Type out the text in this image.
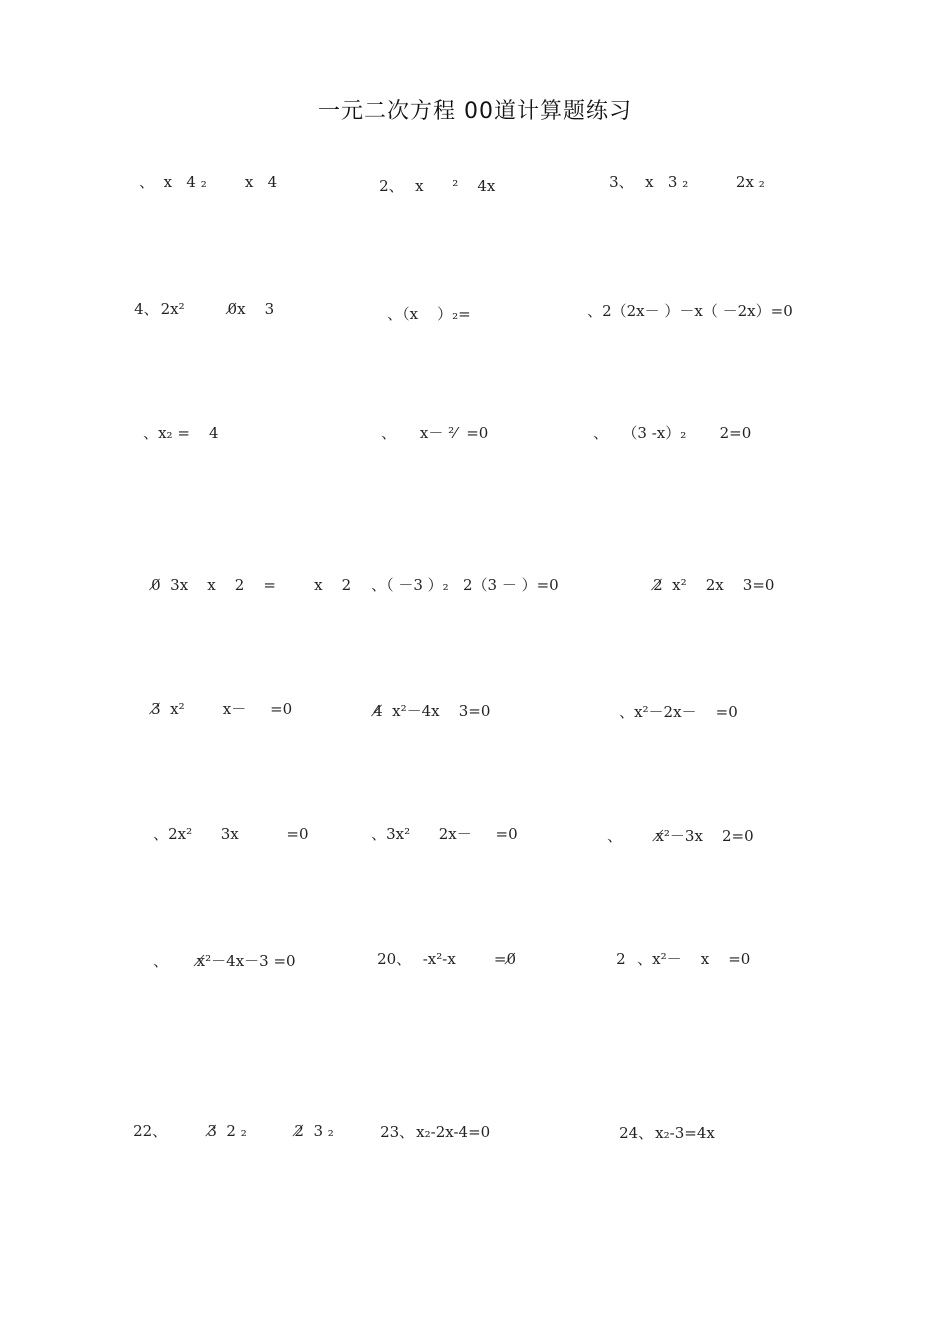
一元二次方程 00道计算题练习

、  x   4 ₂        x   4
	2、  x      ²    4x
	3、  x   3 ₂          2x ₂

4、 2x²         0̸x    3
	、（x    ）₂=
	、2（2x－ ）－x（ －2x）=0

、x₂ =    4
	、     x－ ²⁄  =0
	、   （3 -x）₂       2=0

0̸  3x    x    2    =        x    2
	、（ －3 ）₂   2（3 － ）=0
	2̸  x²    2x    3=0

3̸  x²        x－     =0
	4̸  x²－4x    3=0
	、x²－2x－    =0

、2x²      3x          =0
	、3x²      2x－     =0
	、       x̸²－3x    2=0

、      x̸²－4x－3 =0
	20、  -x²-x        =0̸
	2  、x²－    x    =0

22、        3̸  2 ₂          2̸  3 ₂
	23、 x₂-2x-4=0
	24、 x₂-3=4x
